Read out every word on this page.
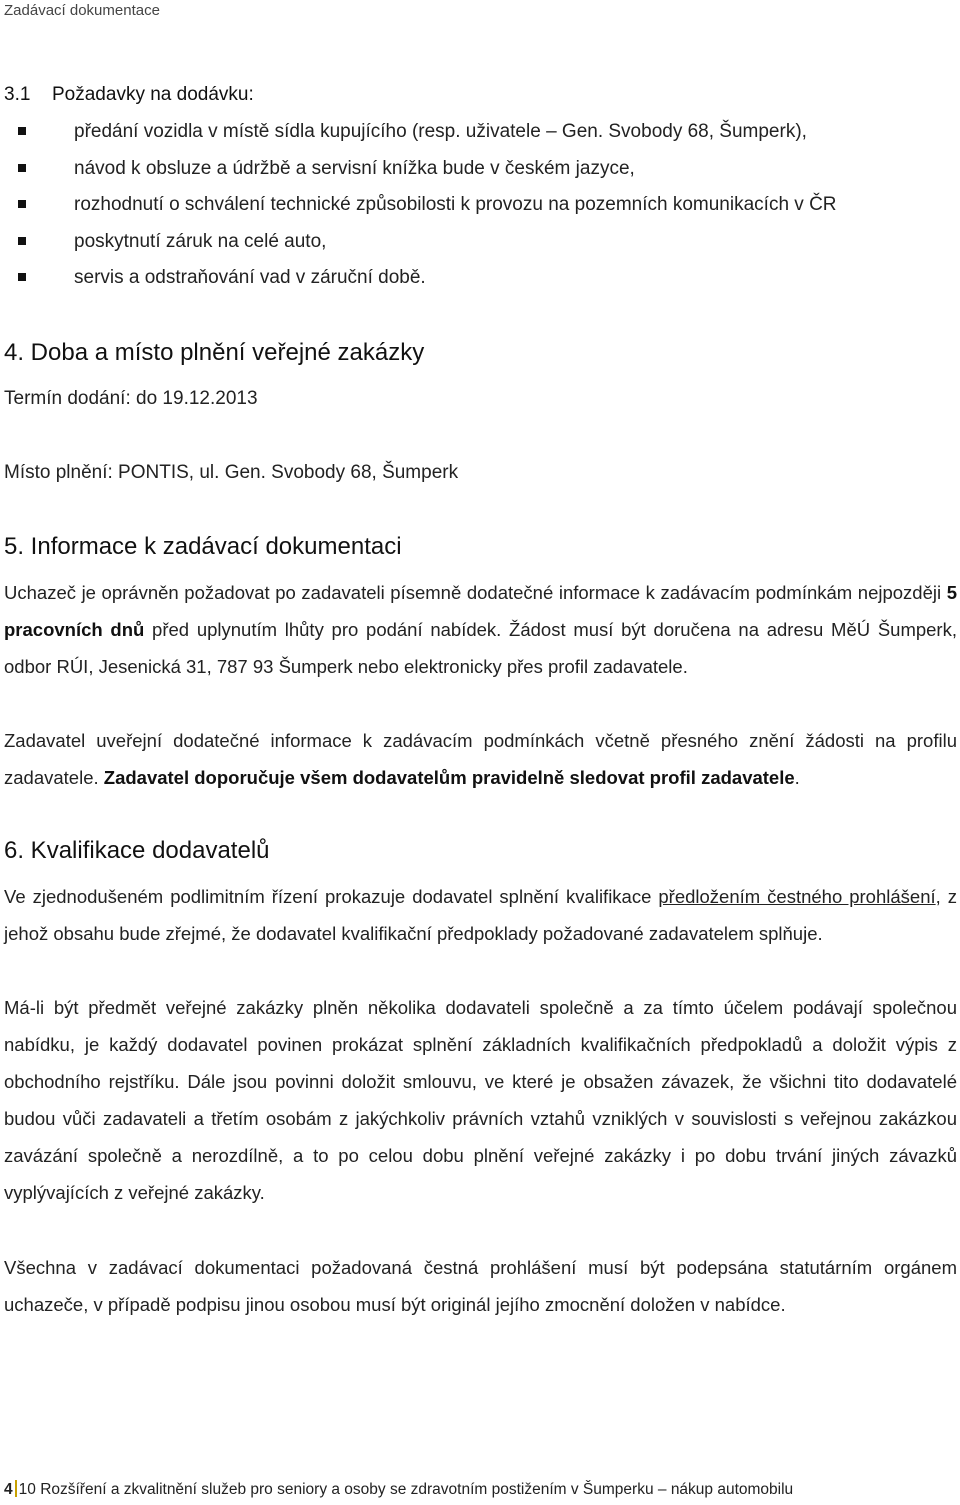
Zadávací dokumentace
3.1 Požadavky na dodávku:
předání vozidla v místě sídla kupujícího (resp. uživatele – Gen. Svobody 68, Šumperk),
návod k obsluze a údržbě a servisní knížka bude v českém jazyce,
rozhodnutí o schválení technické způsobilosti k provozu na pozemních komunikacích v ČR
poskytnutí záruk na celé auto,
servis a odstraňování vad v záruční době.
4. Doba a místo plnění veřejné zakázky
Termín dodání: do 19.12.2013
Místo plnění: PONTIS, ul. Gen. Svobody 68, Šumperk
5. Informace k zadávací dokumentaci
Uchazeč je oprávněn požadovat po zadavateli písemně dodatečné informace k zadávacím podmínkám nejpozději 5 pracovních dnů před uplynutím lhůty pro podání nabídek. Žádost musí být doručena na adresu MěÚ Šumperk, odbor RÚI, Jesenická 31, 787 93 Šumperk nebo elektronicky přes profil zadavatele.
Zadavatel uveřejní dodatečné informace k zadávacím podmínkách včetně přesného znění žádosti na profilu zadavatele. Zadavatel doporučuje všem dodavatelům pravidelně sledovat profil zadavatele.
6. Kvalifikace dodavatelů
Ve zjednodušeném podlimitním řízení prokazuje dodavatel splnění kvalifikace předložením čestného prohlášení, z jehož obsahu bude zřejmé, že dodavatel kvalifikační předpoklady požadované zadavatelem splňuje.
Má-li být předmět veřejné zakázky plněn několika dodavateli společně a za tímto účelem podávají společnou nabídku, je každý dodavatel povinen prokázat splnění základních kvalifikačních předpokladů a doložit výpis z obchodního rejstříku. Dále jsou povinni doložit smlouvu, ve které je obsažen závazek, že všichni tito dodavatelé budou vůči zadavateli a třetím osobám z jakýchkoliv právních vztahů vzniklých v souvislosti s veřejnou zakázkou zavázání společně a nerozdílně, a to po celou dobu plnění veřejné zakázky i po dobu trvání jiných závazků vyplývajících z veřejné zakázky.
Všechna v zadávací dokumentaci požadovaná čestná prohlášení musí být podepsána statutárním orgánem uchazeče, v případě podpisu jinou osobou musí být originál jejího zmocnění doložen v nabídce.
4 10 Rozšíření a zkvalitnění služeb pro seniory a osoby se zdravotním postižením v Šumperku – nákup automobilu
